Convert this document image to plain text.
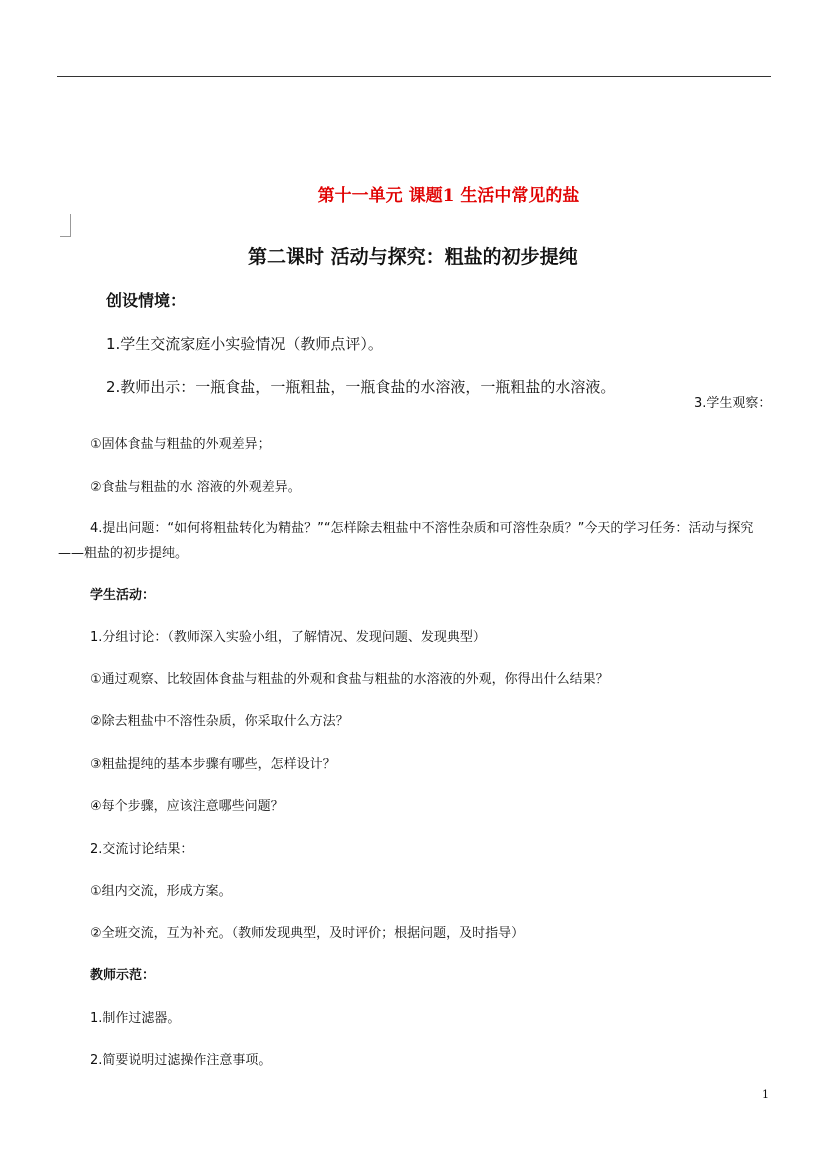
第十一单元 课题1 生活中常见的盐
第二课时 活动与探究：粗盐的初步提纯
创设情境：
1.学生交流家庭小实验情况（教师点评）。
2.教师出示：一瓶食盐，一瓶粗盐，一瓶食盐的水溶液，一瓶粗盐的水溶液。
3.学生观察：
①固体食盐与粗盐的外观差异；
②食盐与粗盐的水 溶液的外观差异。
4.提出问题：“如何将粗盐转化为精盐？”“怎样除去粗盐中不溶性杂质和可溶性杂质？”今天的学习任务：活动与探究——粗盐的初步提纯。
学生活动：
1.分组讨论：（教师深入实验小组，了解情况、发现问题、发现典型）
①通过观察、比较固体食盐与粗盐的外观和食盐与粗盐的水溶液的外观，你得出什么结果？
②除去粗盐中不溶性杂质，你采取什么方法？
③粗盐提纯的基本步骤有哪些，怎样设计？
④每个步骤，应该注意哪些问题？
2.交流讨论结果：
①组内交流，形成方案。
②全班交流，互为补充。（教师发现典型，及时评价；根据问题，及时指导）
教师示范：
1.制作过滤器。
2.简要说明过滤操作注意事项。
1
